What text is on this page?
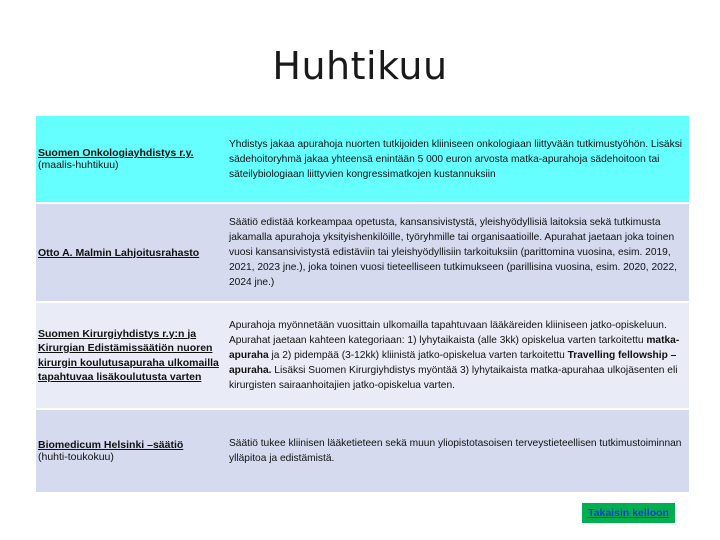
Huhtikuu
Suomen Onkologiayhdistys r.y.
(maalis-huhtikuu)
Yhdistys jakaa apurahoja nuorten tutkijoiden kliiniseen onkologiaan liittyvään tutkimustyöhön. Lisäksi sädehoitoryhmä jakaa yhteensä enintään 5 000 euron arvosta matka-apurahoja sädehoitoon tai säteilybiologiaan liittyvien kongressimatkojen kustannuksiin
Otto A. Malmin Lahjoitusrahasto
Säätiö edistää korkeampaa opetusta, kansansivistystä, yleishyödyllisiä laitoksia sekä tutkimusta jakamalla apurahoja yksityishenkilöille, työryhmille tai organisaatioille. Apurahat jaetaan joka toinen vuosi kansansivistystä edistäviin tai yleishyödyllisiin tarkoituksiin (parittomina vuosina, esim. 2019, 2021, 2023 jne.), joka toinen vuosi tieteelliseen tutkimukseen (parillisina vuosina, esim. 2020, 2022, 2024 jne.)
Suomen Kirurgiyhdistys r.y:n ja Kirurgian Edistämissäätiön nuoren kirurgin koulutusapuraha ulkomailla tapahtuvaa lisäkoulutusta varten
Apurahoja myönnetään vuosittain ulkomailla tapahtuvaan lääkäreiden kliiniseen jatko-opiskeluun. Apurahat jaetaan kahteen kategoriaan: 1) lyhytaikaista (alle 3kk) opiskelua varten tarkoitettu matka-apuraha ja 2) pidempää (3-12kk) kliinistä jatko-opiskelua varten tarkoitettu Travelling fellowship – apuraha. Lisäksi Suomen Kirurgiyhdistys myöntää 3) lyhytaikaista matka-apurahaa ulkojäsenten eli kirurgisten sairaanhoitajien jatko-opiskelua varten.
Biomedicum Helsinki –säätiö
(huhti-toukokuu)
Säätiö tukee kliinisen lääketieteen sekä muun yliopistotasoisen terveystieteellisen tutkimustoiminnan ylläpitoa ja edistämistä.
Takaisin kelloon
